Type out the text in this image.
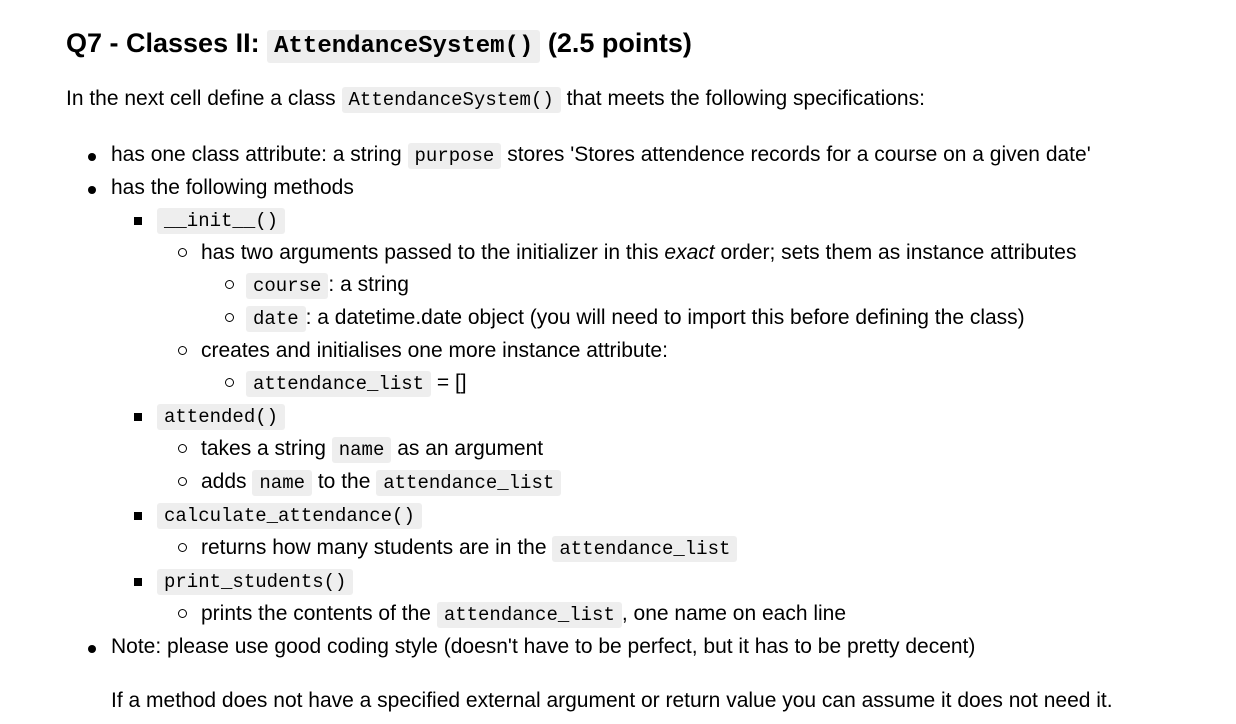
Q7 - Classes II: AttendanceSystem() (2.5 points)
In the next cell define a class AttendanceSystem() that meets the following specifications:
has one class attribute: a string purpose stores 'Stores attendence records for a course on a given date'
has the following methods
__init__()
has two arguments passed to the initializer in this exact order; sets them as instance attributes
course : a string
date : a datetime.date object (you will need to import this before defining the class)
creates and initialises one more instance attribute:
attendance_list = []
attended()
takes a string name as an argument
adds name to the attendance_list
calculate_attendance()
returns how many students are in the attendance_list
print_students()
prints the contents of the attendance_list , one name on each line
Note: please use good coding style (doesn't have to be perfect, but it has to be pretty decent)
If a method does not have a specified external argument or return value you can assume it does not need it.
